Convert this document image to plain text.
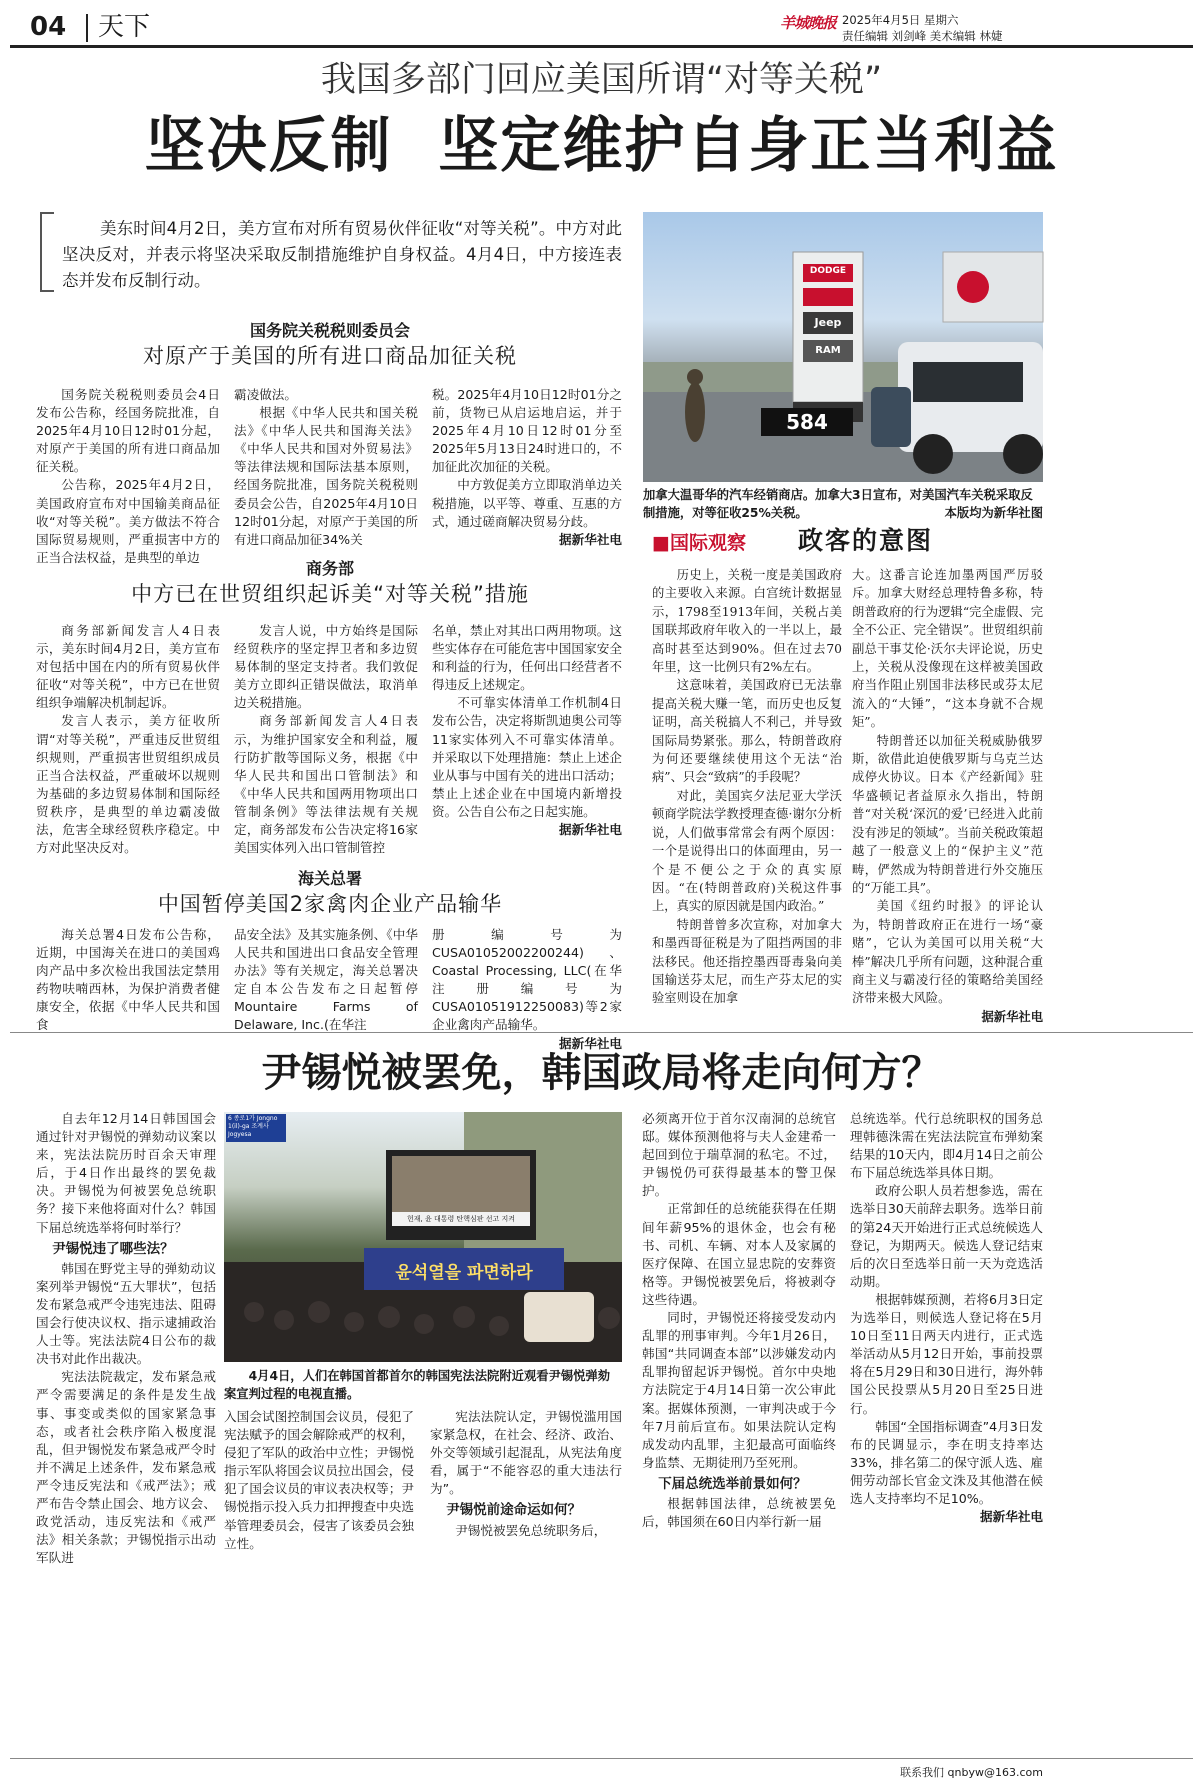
04 天下	羊城晚报 2025年4月5日 星期六
责任编辑 刘剑峰 美术编辑 林婕
我国多部门回应美国所谓“对等关税”
坚决反制  坚定维护自身正当利益
美东时间4月2日，美方宣布对所有贸易伙伴征收“对等关税”。中方对此坚决反对，并表示将坚决采取反制措施维护自身权益。4月4日，中方接连表态并发布反制行动。
国务院关税税则委员会
对原产于美国的所有进口商品加征关税

国务院关税税则委员会4日发布公告称，经国务院批准，自2025年4月10日12时01分起，对原产于美国的所有进口商品加征关税。

公告称，2025年4月2日，美国政府宣布对中国输美商品征收“对等关税”。美方做法不符合国际贸易规则，严重损害中方的正当合法权益，是典型的单边

霸凌做法。

根据《中华人民共和国关税法》《中华人民共和国海关法》《中华人民共和国对外贸易法》等法律法规和国际法基本原则，经国务院批准，国务院关税税则委员会公告，自2025年4月10日12时01分起，对原产于美国的所有进口商品加征34%关

税。2025年4月10日12时01分之前，货物已从启运地启运，并于2025年4月10日12时01分至2025年5月13日24时进口的，不加征此次加征的关税。

中方敦促美方立即取消单边关税措施，以平等、尊重、互惠的方式，通过磋商解决贸易分歧。

据新华社电

商务部
中方已在世贸组织起诉美“对等关税”措施

商务部新闻发言人4日表示，美东时间4月2日，美方宣布对包括中国在内的所有贸易伙伴征收“对等关税”，中方已在世贸组织争端解决机制起诉。

发言人表示，美方征收所谓“对等关税”，严重违反世贸组织规则，严重损害世贸组织成员正当合法权益，严重破坏以规则为基础的多边贸易体制和国际经贸秩序，是典型的单边霸凌做法，危害全球经贸秩序稳定。中方对此坚决反对。

发言人说，中方始终是国际经贸秩序的坚定捍卫者和多边贸易体制的坚定支持者。我们敦促美方立即纠正错误做法，取消单边关税措施。

商务部新闻发言人4日表示，为维护国家安全和利益，履行防扩散等国际义务，根据《中华人民共和国出口管制法》和《中华人民共和国两用物项出口管制条例》等法律法规有关规定，商务部发布公告决定将16家美国实体列入出口管制管控

名单，禁止对其出口两用物项。这些实体存在可能危害中国国家安全和利益的行为，任何出口经营者不得违反上述规定。

不可靠实体清单工作机制4日发布公告，决定将斯凯迪奥公司等11家实体列入不可靠实体清单。并采取以下处理措施：禁止上述企业从事与中国有关的进出口活动；禁止上述企业在中国境内新增投资。公告自公布之日起实施。

据新华社电

海关总署
中国暂停美国2家禽肉企业产品输华

海关总署4日发布公告称，近期，中国海关在进口的美国鸡肉产品中多次检出我国法定禁用药物呋喃西林，为保护消费者健康安全，依据《中华人民共和国食

品安全法》及其实施条例、《中华人民共和国进出口食品安全管理办法》等有关规定，海关总署决定自本公告发布之日起暂停Mountaire Farms of Delaware, Inc.(在华注

册编号为CUSA01052002200244)、Coastal Processing, LLC(在华注册编号为CUSA01051912250083)等2家企业禽肉产品输华。

据新华社电

DODGE
Jeep
RAM
584
加拿大温哥华的汽车经销商店。加拿大3日宣布，对美国汽车关税采取反制措施，对等征收25%关税。	本版均为新华社图
■国际观察 政客的意图

历史上，关税一度是美国政府的主要收入来源。白宫统计数据显示，1798至1913年间，关税占美国联邦政府年收入的一半以上，最高时甚至达到90%。但在过去70年里，这一比例只有2%左右。

这意味着，美国政府已无法靠提高关税大赚一笔，而历史也反复证明，高关税搞人不利己，并导致国际局势紧张。那么，特朗普政府为何还要继续使用这个无法“治病”、只会“致病”的手段呢？

对此，美国宾夕法尼亚大学沃顿商学院法学教授理查德·谢尔分析说，人们做事常常会有两个原因：一个是说得出口的体面理由，另一个是不便公之于众的真实原因。“在(特朗普政府)关税这件事上，真实的原因就是国内政治。”

特朗普曾多次宣称，对加拿大和墨西哥征税是为了阻挡两国的非法移民。他还指控墨西哥毒枭向美国输送芬太尼，而生产芬太尼的实验室则设在加拿

大。这番言论连加墨两国严厉驳斥。加拿大财经总理特鲁多称，特朗普政府的行为逻辑“完全虚假、完全不公正、完全错误”。世贸组织前副总干事艾伦·沃尔夫评论说，历史上，关税从没像现在这样被美国政府当作阻止别国非法移民或芬太尼流入的“大锤”，“这本身就不合规矩”。

特朗普还以加征关税威胁俄罗斯，欲借此迫使俄罗斯与乌克兰达成停火协议。日本《产经新闻》驻华盛顿记者益原永久指出，特朗普“对关税‘深沉的爱’已经进入此前没有涉足的领域”。当前关税政策超越了一般意义上的“保护主义”范畴，俨然成为特朗普进行外交施压的“万能工具”。

美国《纽约时报》的评论认为，特朗普政府正在进行一场“豪赌”，它认为美国可以用关税“大棒”解决几乎所有问题，这种混合重商主义与霸凌行径的策略给美国经济带来极大风险。

据新华社电

尹锡悦被罢免，韩国政局将走向何方？

自去年12月14日韩国国会通过针对尹锡悦的弹劾动议案以来，宪法法院历时百余天审理后，于4日作出最终的罢免裁决。尹锡悦为何被罢免总统职务？接下来他将面对什么？韩国下届总统选举将何时举行？

尹锡悦违了哪些法？

韩国在野党主导的弹劾动议案列举尹锡悦“五大罪状”，包括发布紧急戒严令违宪违法、阻碍国会行使决议权、指示逮捕政治人士等。宪法法院4日公布的裁决书对此作出裁决。

宪法法院裁定，发布紧急戒严令需要满足的条件是发生战事、事变或类似的国家紧急事态，或者社会秩序陷入极度混乱，但尹锡悦发布紧急戒严令时并不满足上述条件，发布紧急戒严令违反宪法和《戒严法》；戒严布告令禁止国会、地方议会、政党活动，违反宪法和《戒严法》相关条款；尹锡悦指示出动军队进

6 종로1가 Jongno 1(il)-ga 조계사 Jogyesa
헌재, 윤 대통령 탄핵심판 선고 지켜
윤석열을 파면하라
4月4日，人们在韩国首都首尔的韩国宪法法院附近观看尹锡悦弹劾案宣判过程的电视直播。

入国会试图控制国会议员，侵犯了宪法赋予的国会解除戒严的权利，侵犯了军队的政治中立性；尹锡悦指示军队将国会议员拉出国会，侵犯了国会议员的审议表决权等；尹锡悦指示投入兵力扣押搜查中央选举管理委员会，侵害了该委员会独立性。

宪法法院认定，尹锡悦滥用国家紧急权，在社会、经济、政治、外交等领域引起混乱，从宪法角度看，属于“不能容忍的重大违法行为”。

尹锡悦前途命运如何？

尹锡悦被罢免总统职务后，

必须离开位于首尔汉南洞的总统官邸。媒体预测他将与夫人金建希一起回到位于瑞草洞的私宅。不过，尹锡悦仍可获得最基本的警卫保护。

正常卸任的总统能获得在任期间年薪95%的退休金，也会有秘书、司机、车辆、对本人及家属的医疗保障、在国立显忠院的安葬资格等。尹锡悦被罢免后，将被剥夺这些待遇。

同时，尹锡悦还将接受发动内乱罪的刑事审判。今年1月26日，韩国“共同调查本部”以涉嫌发动内乱罪拘留起诉尹锡悦。首尔中央地方法院定于4月14日第一次公审此案。据媒体预测，一审判决或于今年7月前后宣布。如果法院认定构成发动内乱罪，主犯最高可面临终身监禁、无期徒刑乃至死刑。

下届总统选举前景如何？

根据韩国法律，总统被罢免后，韩国须在60日内举行新一届

总统选举。代行总统职权的国务总理韩德洙需在宪法法院宣布弹劾案结果的10天内，即4月14日之前公布下届总统选举具体日期。

政府公职人员若想参选，需在选举日30天前辞去职务。选举日前的第24天开始进行正式总统候选人登记，为期两天。候选人登记结束后的次日至选举日前一天为竞选活动期。

根据韩媒预测，若将6月3日定为选举日，则候选人登记将在5月10日至11日两天内进行，正式选举活动从5月12日开始，事前投票将在5月29日和30日进行，海外韩国公民投票从5月20日至25日进行。

韩国“全国指标调查”4月3日发布的民调显示，李在明支持率达33%，排名第二的保守派人选、雇佣劳动部长官金文洙及其他潜在候选人支持率均不足10%。

据新华社电

联系我们 qnbyw@163.com
